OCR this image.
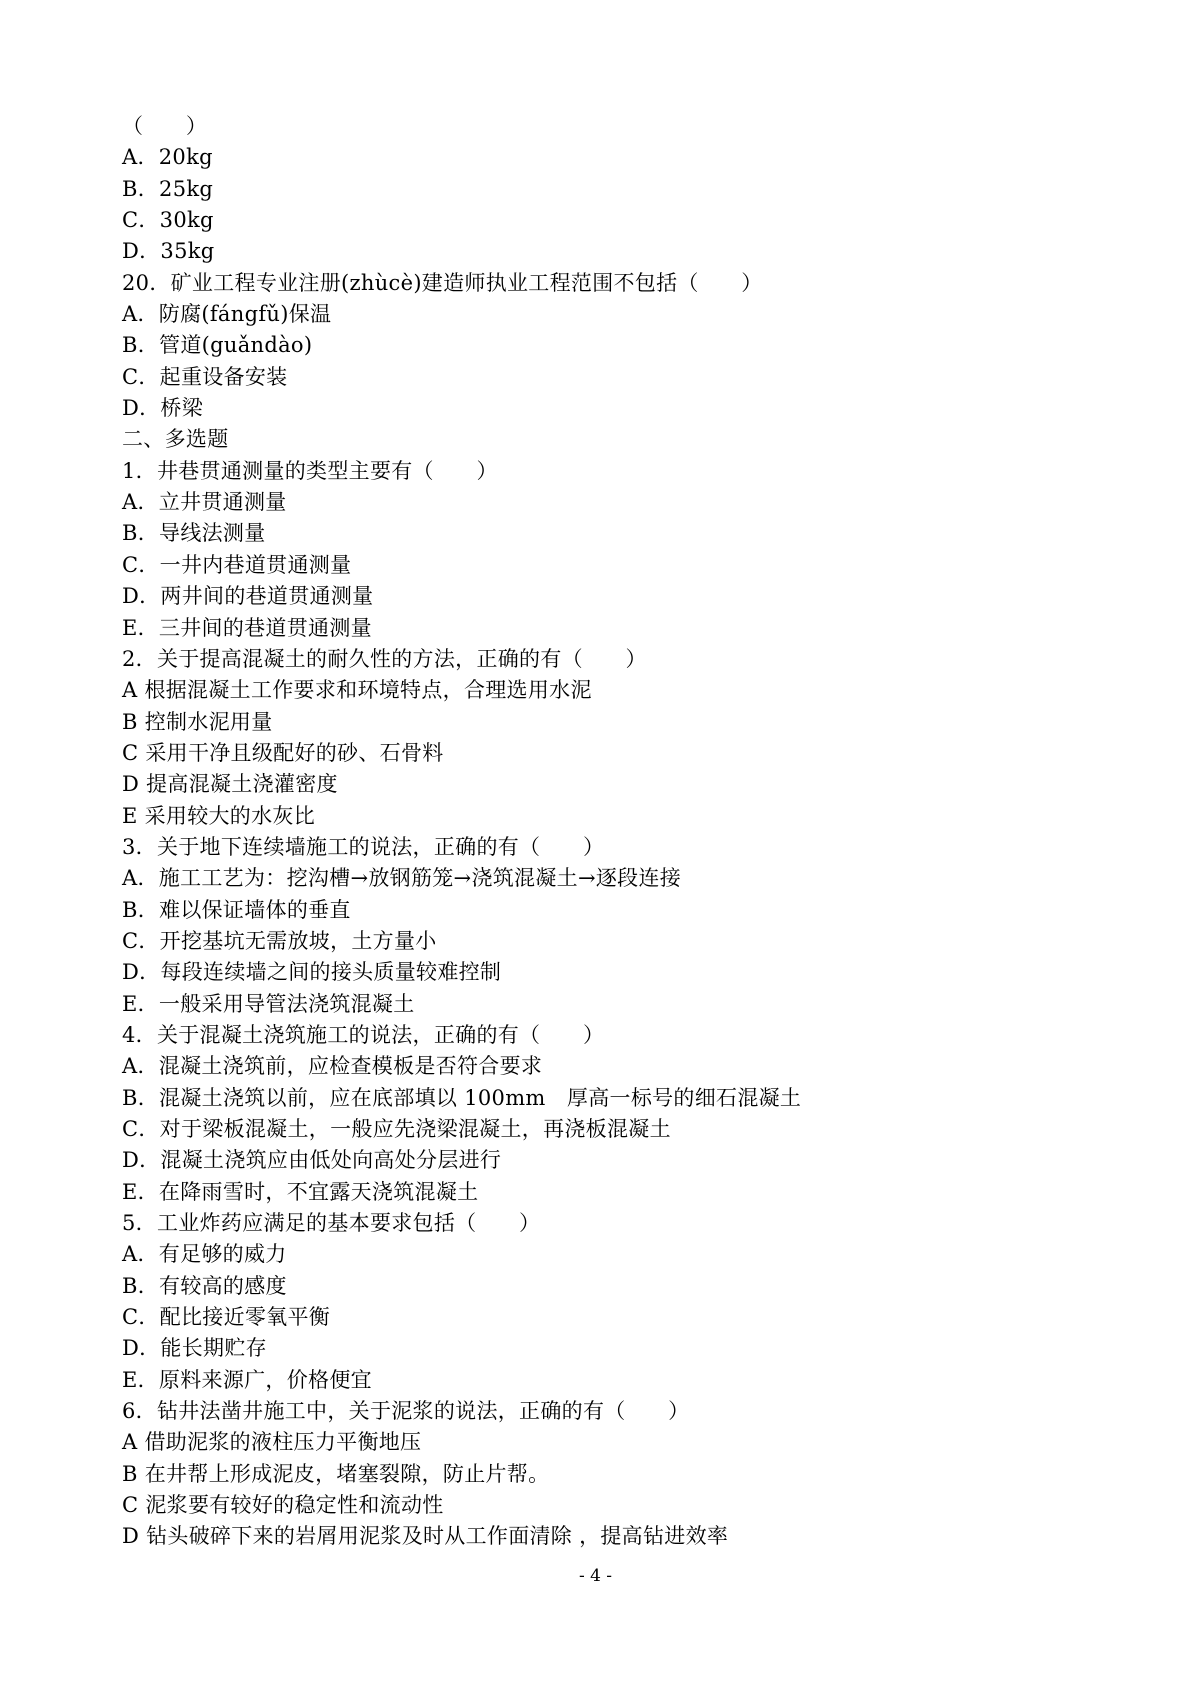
（　　）
A．20kg
B．25kg
C．30kg
D．35kg
20．矿业工程专业注册(zhùcè)建造师执业工程范围不包括（　　）
A．防腐(fángfǔ)保温
B．管道(guǎndào)
C．起重设备安装
D．桥梁
二、多选题
1．井巷贯通测量的类型主要有（　　）
A．立井贯通测量
B．导线法测量
C．一井内巷道贯通测量
D．两井间的巷道贯通测量
E．三井间的巷道贯通测量
2．关于提高混凝土的耐久性的方法，正确的有（　　）
A 根据混凝土工作要求和环境特点，合理选用水泥
B 控制水泥用量
C 采用干净且级配好的砂、石骨料
D 提高混凝土浇灌密度
E 采用较大的水灰比
3．关于地下连续墙施工的说法，正确的有（　　）
A．施工工艺为：挖沟槽→放钢筋笼→浇筑混凝土→逐段连接
B．难以保证墙体的垂直
C．开挖基坑无需放坡，土方量小
D．每段连续墙之间的接头质量较难控制
E．一般采用导管法浇筑混凝土
4．关于混凝土浇筑施工的说法，正确的有（　　）
A．混凝土浇筑前，应检查模板是否符合要求
B．混凝土浇筑以前，应在底部填以 100mm　厚高一标号的细石混凝土
C．对于梁板混凝土，一般应先浇梁混凝土，再浇板混凝土
D．混凝土浇筑应由低处向高处分层进行
E．在降雨雪时，不宜露天浇筑混凝土
5．工业炸药应满足的基本要求包括（　　）
A．有足够的威力
B．有较高的感度
C．配比接近零氧平衡
D．能长期贮存
E．原料来源广，价格便宜
6．钻井法凿井施工中，关于泥浆的说法，正确的有（　　）
A 借助泥浆的液柱压力平衡地压
B 在井帮上形成泥皮，堵塞裂隙，防止片帮。
C 泥浆要有较好的稳定性和流动性
D 钻头破碎下来的岩屑用泥浆及时从工作面清除 ，提高钻进效率
- 4 -
